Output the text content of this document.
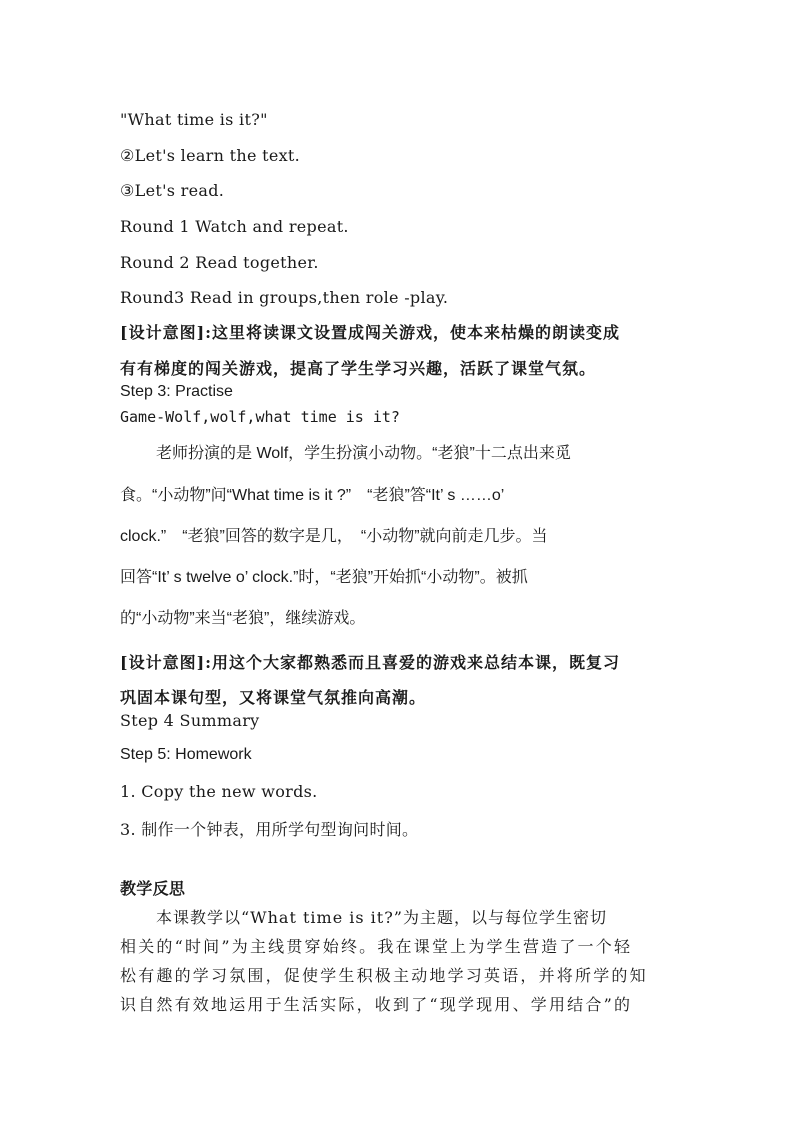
"What time is it?"
②Let's learn the text.
③Let's read.
Round 1 Watch and repeat.
Round 2 Read together.
Round3 Read in groups,then role -play.
[设计意图]:这里将读课文设置成闯关游戏，使本来枯燥的朗读变成
有有梯度的闯关游戏，提高了学生学习兴趣，活跃了课堂气氛。
Step 3: Practise
Game-Wolf,wolf,what time is it?
老师扮演的是 Wolf，学生扮演小动物。“老狼”十二点出来觅
食。“小动物”问“What time is it ?”　“老狼”答“It’ s ……o’
clock.”　“老狼”回答的数字是几，　“小动物”就向前走几步。当
回答“It’ s twelve o’ clock.”时，“老狼”开始抓“小动物”。被抓
的“小动物”来当“老狼”，继续游戏。
[设计意图]:用这个大家都熟悉而且喜爱的游戏来总结本课，既复习
巩固本课句型，又将课堂气氛推向高潮。
Step 4 Summary
Step 5: Homework
1. Copy the new words.
3. 制作一个钟表，用所学句型询问时间。
教学反思
本课教学以“What time is it?”为主题，以与每位学生密切
相关的“时间”为主线贯穿始终。我在课堂上为学生营造了一个轻
松有趣的学习氛围，促使学生积极主动地学习英语，并将所学的知
识自然有效地运用于生活实际，收到了“现学现用、学用结合”的
